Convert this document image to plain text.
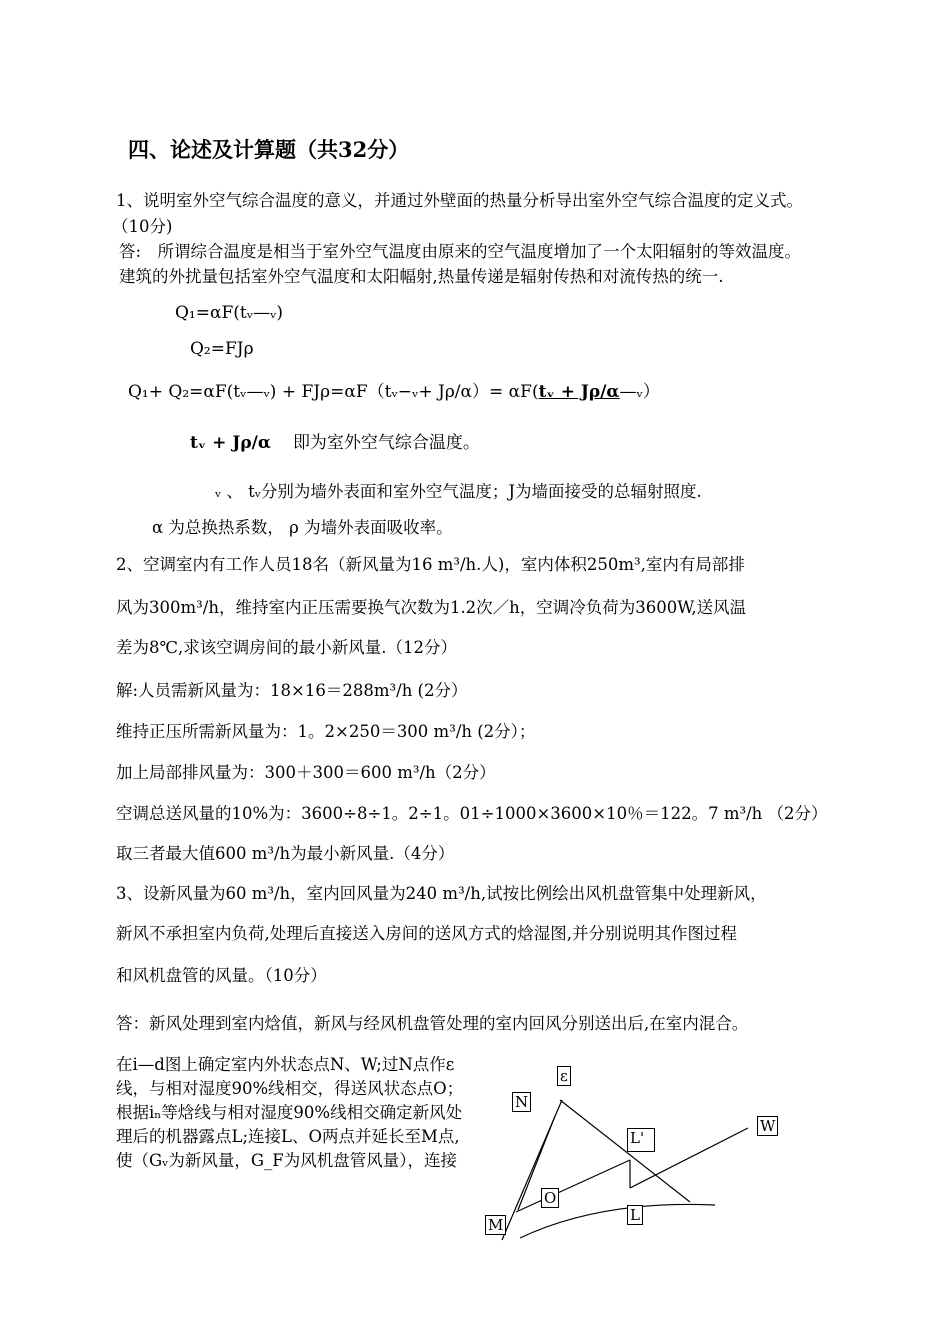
四、论述及计算题（共32分）
1、说明室外空气综合温度的意义，并通过外壁面的热量分析导出室外空气综合温度的定义式。
（10分)
答:　所谓综合温度是相当于室外空气温度由原来的空气温度增加了一个太阳辐射的等效温度。
建筑的外扰量包括室外空气温度和太阳幅射,热量传递是辐射传热和对流传热的统一.
Q₁=αF(tᵥ—ᵥ)
Q₂=FJρ
Q₁+ Q₂=αF(tᵥ—ᵥ) + FJρ=αF（tᵥ−ᵥ+ Jρ/α）= αF(tᵥ + Jρ/α—ᵥ）
tᵥ + Jρ/α 即为室外空气综合温度。
ᵥ 、 tᵥ分别为墙外表面和室外空气温度；J为墙面接受的总辐射照度.
α 为总换热系数， ρ 为墙外表面吸收率。
2、空调室内有工作人员18名（新风量为16 m³/h.人)，室内体积250m³,室内有局部排
风为300m³/h，维持室内正压需要换气次数为1.2次／h，空调冷负荷为3600W,送风温
差为8℃,求该空调房间的最小新风量.（12分）
解:人员需新风量为：18×16＝288m³/h (2分）
维持正压所需新风量为：1。2×250＝300 m³/h (2分）；
加上局部排风量为：300＋300＝600 m³/h（2分）
空调总送风量的10%为：3600÷8÷1。2÷1。01÷1000×3600×10％＝122。7 m³/h （2分）
取三者最大值600 m³/h为最小新风量.（4分）
3、设新风量为60 m³/h，室内回风量为240 m³/h,试按比例绘出风机盘管集中处理新风，
新风不承担室内负荷,处理后直接送入房间的送风方式的焓湿图,并分别说明其作图过程
和风机盘管的风量。（10分）
答：新风处理到室内焓值，新风与经风机盘管处理的室内回风分别送出后,在室内混合。
在i—d图上确定室内外状态点N、W;过N点作ε线，与相对湿度90%线相交，得送风状态点O；根据iₙ等焓线与相对湿度90%线相交确定新风处理后的机器露点L;连接L、O两点并延长至M点,使（Gᵥ为新风量，G_F为风机盘管风量），连接
ε
N
L'
W
O
L
M
